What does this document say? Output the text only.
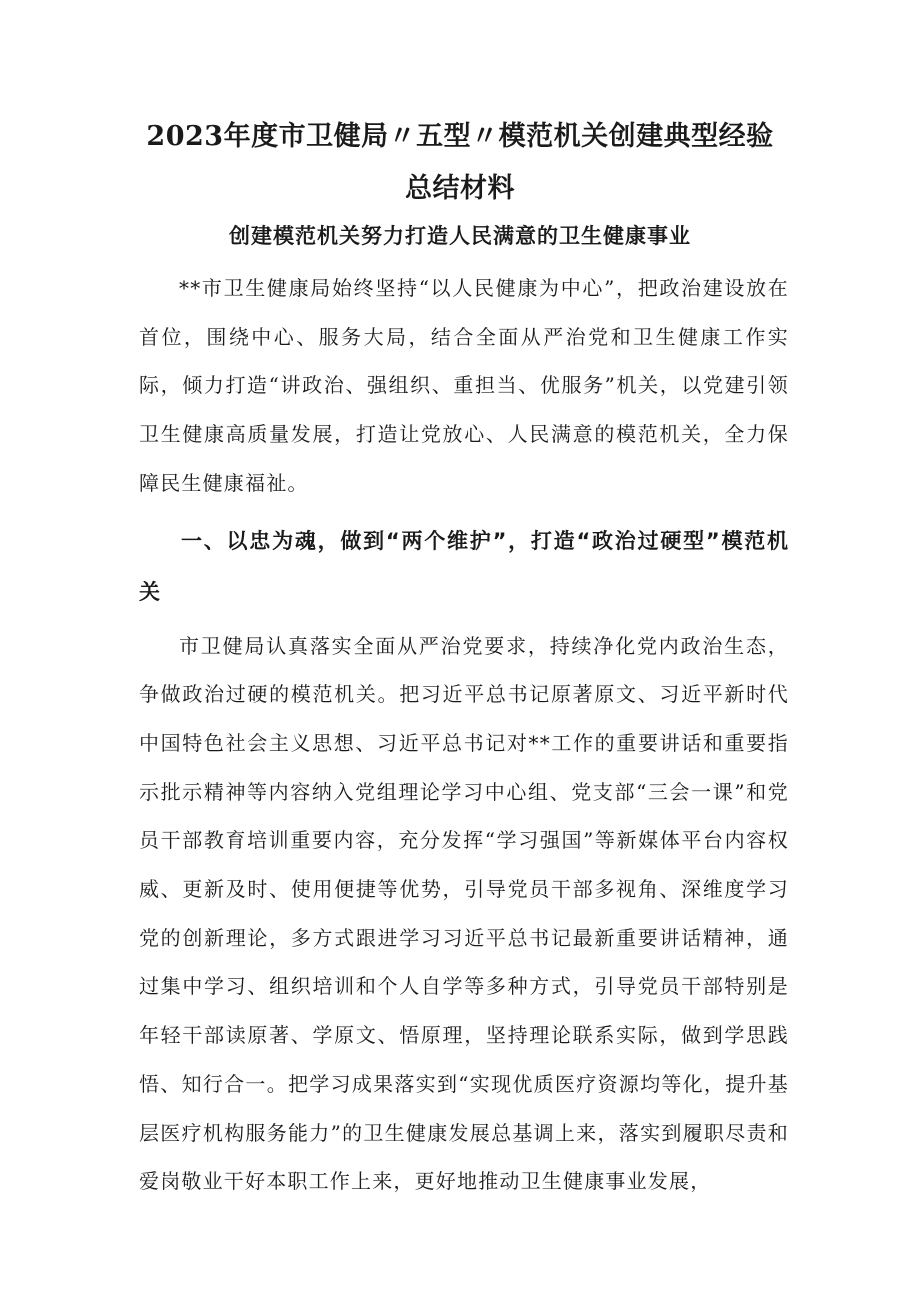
2023年度市卫健局〃五型〃模范机关创建典型经验
总结材料
创建模范机关努力打造人民满意的卫生健康事业

**市卫生健康局始终坚持“以人民健康为中心”，把政治建设放在首位，围绕中心、服务大局，结合全面从严治党和卫生健康工作实际，倾力打造“讲政治、强组织、重担当、优服务”机关，以党建引领卫生健康高质量发展，打造让党放心、人民满意的模范机关，全力保障民生健康福祉。

一、以忠为魂，做到“两个维护”，打造“政治过硬型”模范机关

市卫健局认真落实全面从严治党要求，持续净化党内政治生态，争做政治过硬的模范机关。把习近平总书记原著原文、习近平新时代中国特色社会主义思想、习近平总书记对**工作的重要讲话和重要指示批示精神等内容纳入党组理论学习中心组、党支部“三会一课”和党员干部教育培训重要内容，充分发挥“学习强国”等新媒体平台内容权威、更新及时、使用便捷等优势，引导党员干部多视角、深维度学习党的创新理论，多方式跟进学习习近平总书记最新重要讲话精神，通过集中学习、组织培训和个人自学等多种方式，引导党员干部特别是年轻干部读原著、学原文、悟原理，坚持理论联系实际，做到学思践悟、知行合一。把学习成果落实到“实现优质医疗资源均等化，提升基层医疗机构服务能力”的卫生健康发展总基调上来，落实到履职尽责和爱岗敬业干好本职工作上来，更好地推动卫生健康事业发展，
